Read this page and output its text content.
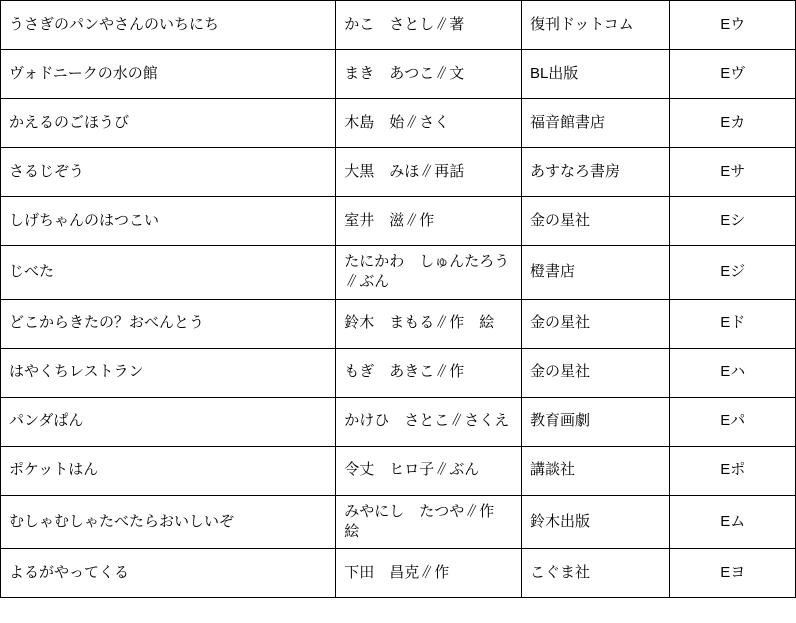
うさぎのパンやさんのいちにち	かこ　さとし∥著	復刊ドットコム	Eウ
ヴォドニークの水の館	まき　あつこ∥文	BL出版	Eヴ
かえるのごほうび	木島　始∥さく	福音館書店	Eカ
さるじぞう	大黒　みほ∥再話	あすなろ書房	Eサ
しげちゃんのはつこい	室井　滋∥作	金の星社	Eシ
じべた	たにかわ　しゅんたろう∥ぶん	橙書店	Eジ
どこからきたの？おべんとう	鈴木　まもる∥作　絵	金の星社	Eド
はやくちレストラン	もぎ　あきこ∥作	金の星社	Eハ
パンダぱん	かけひ　さとこ∥さくえ	教育画劇	Eパ
ポケットはん	令丈　ヒロ子∥ぶん	講談社	Eポ
むしゃむしゃたべたらおいしいぞ	みやにし　たつや∥作　絵	鈴木出版	Eム
よるがやってくる	下田　昌克∥作	こぐま社	Eヨ
